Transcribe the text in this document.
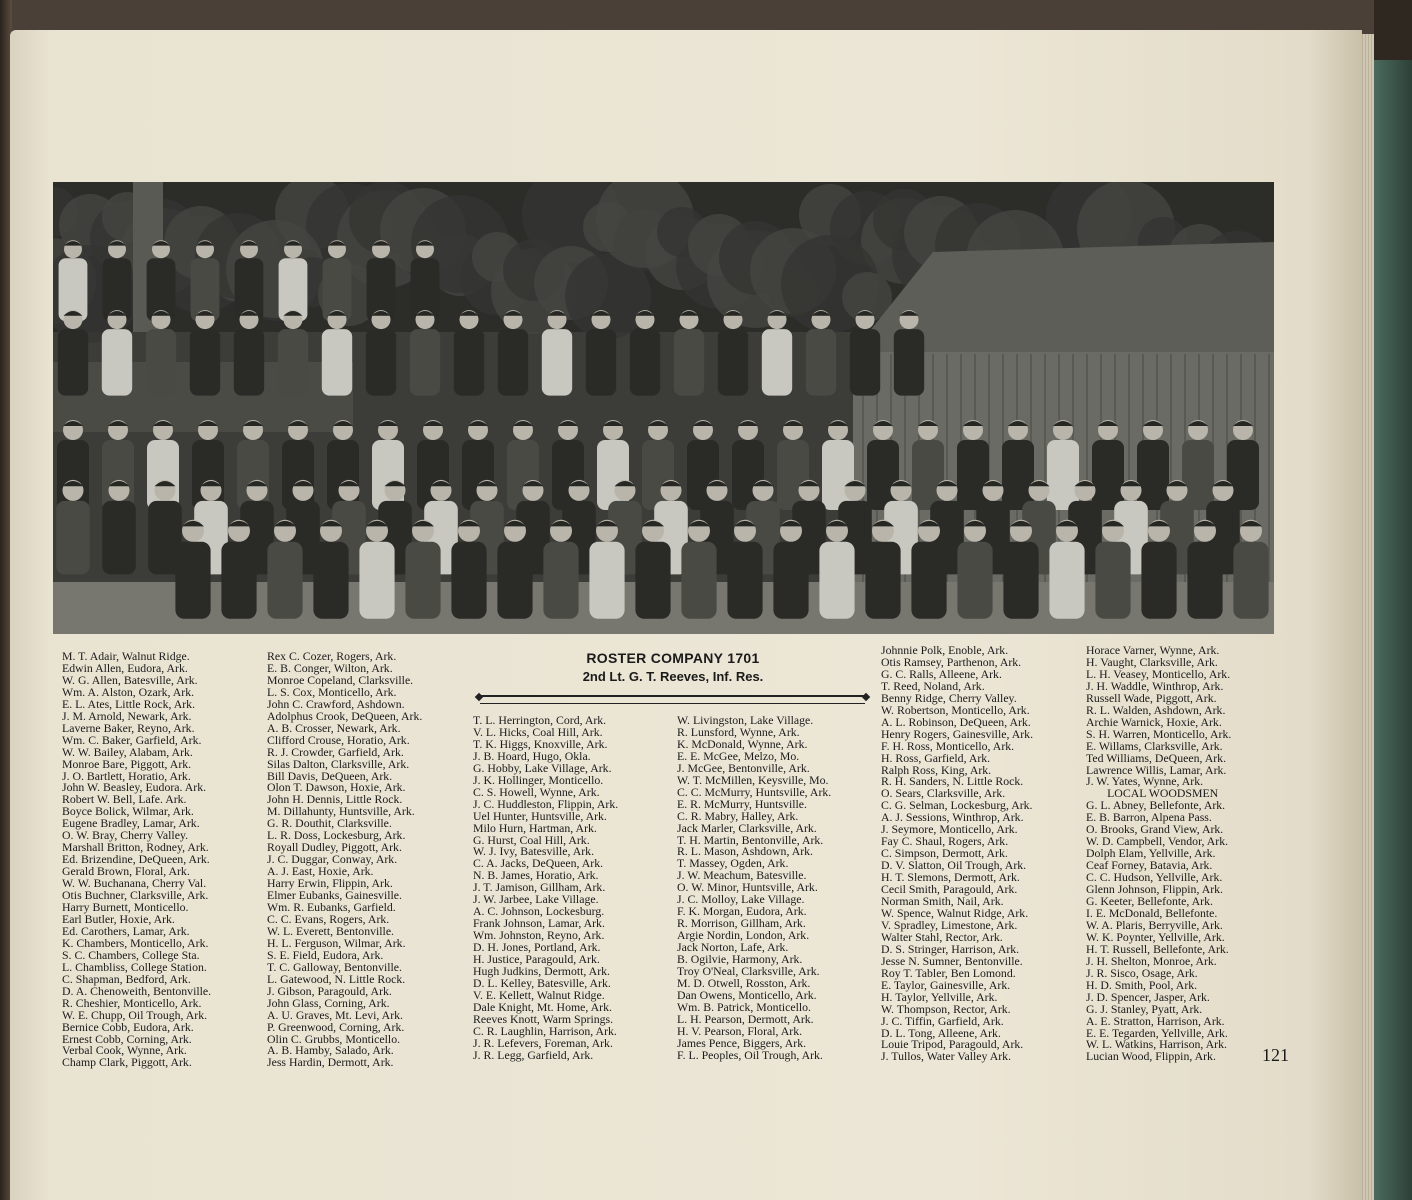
ROSTER COMPANY 1701
2nd Lt. G. T. Reeves, Inf. Res.
M. T. Adair, Walnut Ridge.
Edwin Allen, Eudora, Ark.
W. G. Allen, Batesville, Ark.
Wm. A. Alston, Ozark, Ark.
E. L. Ates, Little Rock, Ark.
J. M. Arnold, Newark, Ark.
Laverne Baker, Reyno, Ark.
Wm. C. Baker, Garfield, Ark.
W. W. Bailey, Alabam, Ark.
Monroe Bare, Piggott, Ark.
J. O. Bartlett, Horatio, Ark.
John W. Beasley, Eudora. Ark.
Robert W. Bell, Lafe. Ark.
Boyce Bolick, Wilmar, Ark.
Eugene Bradley, Lamar, Ark.
O. W. Bray, Cherry Valley.
Marshall Britton, Rodney, Ark.
Ed. Brizendine, DeQueen, Ark.
Gerald Brown, Floral, Ark.
W. W. Buchanana, Cherry Val.
Otis Buchner, Clarksville, Ark.
Harry Burnett, Monticello.
Earl Butler, Hoxie, Ark.
Ed. Carothers, Lamar, Ark.
K. Chambers, Monticello, Ark.
S. C. Chambers, College Sta.
L. Chambliss, College Station.
C. Shapman, Bedford, Ark.
D. A. Chenoweith, Bentonville.
R. Cheshier, Monticello, Ark.
W. E. Chupp, Oil Trough, Ark.
Bernice Cobb, Eudora, Ark.
Ernest Cobb, Corning, Ark.
Verbal Cook, Wynne, Ark.
Champ Clark, Piggott, Ark.
Rex C. Cozer, Rogers, Ark.
E. B. Conger, Wilton, Ark.
Monroe Copeland, Clarksville.
L. S. Cox, Monticello, Ark.
John C. Crawford, Ashdown.
Adolphus Crook, DeQueen, Ark.
A. B. Crosser, Newark, Ark.
Clifford Crouse, Horatio, Ark.
R. J. Crowder, Garfield, Ark.
Silas Dalton, Clarksville, Ark.
Bill Davis, DeQueen, Ark.
Olon T. Dawson, Hoxie, Ark.
John H. Dennis, Little Rock.
M. Dillahunty, Huntsville, Ark.
G. R. Douthit, Clarksville.
L. R. Doss, Lockesburg, Ark.
Royall Dudley, Piggott, Ark.
J. C. Duggar, Conway, Ark.
A. J. East, Hoxie, Ark.
Harry Erwin, Flippin, Ark.
Elmer Eubanks, Gainesville.
Wm. R. Eubanks, Garfield.
C. C. Evans, Rogers, Ark.
W. L. Everett, Bentonville.
H. L. Ferguson, Wilmar, Ark.
S. E. Field, Eudora, Ark.
T. C. Galloway, Bentonville.
L. Gatewood, N. Little Rock.
J. Gibson, Paragould, Ark.
John Glass, Corning, Ark.
A. U. Graves, Mt. Levi, Ark.
P. Greenwood, Corning, Ark.
Olin C. Grubbs, Monticello.
A. B. Hamby, Salado, Ark.
Jess Hardin, Dermott, Ark.
T. L. Herrington, Cord, Ark.
V. L. Hicks, Coal Hill, Ark.
T. K. Higgs, Knoxville, Ark.
J. B. Hoard, Hugo, Okla.
G. Hobby, Lake Village, Ark.
J. K. Hollinger, Monticello.
C. S. Howell, Wynne, Ark.
J. C. Huddleston, Flippin, Ark.
Uel Hunter, Huntsville, Ark.
Milo Hurn, Hartman, Ark.
G. Hurst, Coal Hill, Ark.
W. J. Ivy, Batesville, Ark.
C. A. Jacks, DeQueen, Ark.
N. B. James, Horatio, Ark.
J. T. Jamison, Gillham, Ark.
J. W. Jarbee, Lake Village.
A. C. Johnson, Lockesburg.
Frank Johnson, Lamar, Ark.
Wm. Johnston, Reyno, Ark.
D. H. Jones, Portland, Ark.
H. Justice, Paragould, Ark.
Hugh Judkins, Dermott, Ark.
D. L. Kelley, Batesville, Ark.
V. E. Kellett, Walnut Ridge.
Dale Knight, Mt. Home, Ark.
Reeves Knott, Warm Springs.
C. R. Laughlin, Harrison, Ark.
J. R. Lefevers, Foreman, Ark.
J. R. Legg, Garfield, Ark.
W. Livingston, Lake Village.
R. Lunsford, Wynne, Ark.
K. McDonald, Wynne, Ark.
E. E. McGee, Melzo, Mo.
J. McGee, Bentonville, Ark.
W. T. McMillen, Keysville, Mo.
C. C. McMurry, Huntsville, Ark.
E. R. McMurry, Huntsville.
C. R. Mabry, Halley, Ark.
Jack Marler, Clarksville, Ark.
T. H. Martin, Bentonville, Ark.
R. L. Mason, Ashdown, Ark.
T. Massey, Ogden, Ark.
J. W. Meachum, Batesville.
O. W. Minor, Huntsville, Ark.
J. C. Molloy, Lake Village.
F. K. Morgan, Eudora, Ark.
R. Morrison, Gillham, Ark.
Argie Nordin, London, Ark.
Jack Norton, Lafe, Ark.
B. Ogilvie, Harmony, Ark.
Troy O'Neal, Clarksville, Ark.
M. D. Otwell, Rosston, Ark.
Dan Owens, Monticello, Ark.
Wm. B. Patrick, Monticello.
L. H. Pearson, Dermott, Ark.
H. V. Pearson, Floral, Ark.
James Pence, Biggers, Ark.
F. L. Peoples, Oil Trough, Ark.
Johnnie Polk, Enoble, Ark.
Otis Ramsey, Parthenon, Ark.
G. C. Ralls, Alleene, Ark.
T. Reed, Noland, Ark.
Benny Ridge, Cherry Valley.
W. Robertson, Monticello, Ark.
A. L. Robinson, DeQueen, Ark.
Henry Rogers, Gainesville, Ark.
F. H. Ross, Monticello, Ark.
H. Ross, Garfield, Ark.
Ralph Ross, King, Ark.
R. H. Sanders, N. Little Rock.
O. Sears, Clarksville, Ark.
C. G. Selman, Lockesburg, Ark.
A. J. Sessions, Winthrop, Ark.
J. Seymore, Monticello, Ark.
Fay C. Shaul, Rogers, Ark.
C. Simpson, Dermott, Ark.
D. V. Slatton, Oil Trough, Ark.
H. T. Slemons, Dermott, Ark.
Cecil Smith, Paragould, Ark.
Norman Smith, Nail, Ark.
W. Spence, Walnut Ridge, Ark.
V. Spradley, Limestone, Ark.
Walter Stahl, Rector, Ark.
D. S. Stringer, Harrison, Ark.
Jesse N. Sumner, Bentonville.
Roy T. Tabler, Ben Lomond.
E. Taylor, Gainesville, Ark.
H. Taylor, Yellville, Ark.
W. Thompson, Rector, Ark.
J. C. Tiffin, Garfield, Ark.
D. L. Tong, Alleene, Ark.
Louie Tripod, Paragould, Ark.
J. Tullos, Water Valley Ark.
Horace Varner, Wynne, Ark.
H. Vaught, Clarksville, Ark.
L. H. Veasey, Monticello, Ark.
J. H. Waddle, Winthrop, Ark.
Russell Wade, Piggott, Ark.
R. L. Walden, Ashdown, Ark.
Archie Warnick, Hoxie, Ark.
S. H. Warren, Monticello, Ark.
E. Willams, Clarksville, Ark.
Ted Williams, DeQueen, Ark.
Lawrence Willis, Lamar, Ark.
J. W. Yates, Wynne, Ark.
LOCAL WOODSMEN
G. L. Abney, Bellefonte, Ark.
E. B. Barron, Alpena Pass.
O. Brooks, Grand View, Ark.
W. D. Campbell, Vendor, Ark.
Dolph Elam, Yellville, Ark.
Ceaf Forney, Batavia, Ark.
C. C. Hudson, Yellville, Ark.
Glenn Johnson, Flippin, Ark.
G. Keeter, Bellefonte, Ark.
I. E. McDonald, Bellefonte.
W. A. Plaris, Berryville, Ark.
W. K. Poynter, Yellville, Ark.
H. T. Russell, Bellefonte, Ark.
J. H. Shelton, Monroe, Ark.
J. R. Sisco, Osage, Ark.
H. D. Smith, Pool, Ark.
J. D. Spencer, Jasper, Ark.
G. J. Stanley, Pyatt, Ark.
A. E. Stratton, Harrison, Ark.
E. E. Tegarden, Yellville, Ark.
W. L. Watkins, Harrison, Ark.
Lucian Wood, Flippin, Ark.	121
